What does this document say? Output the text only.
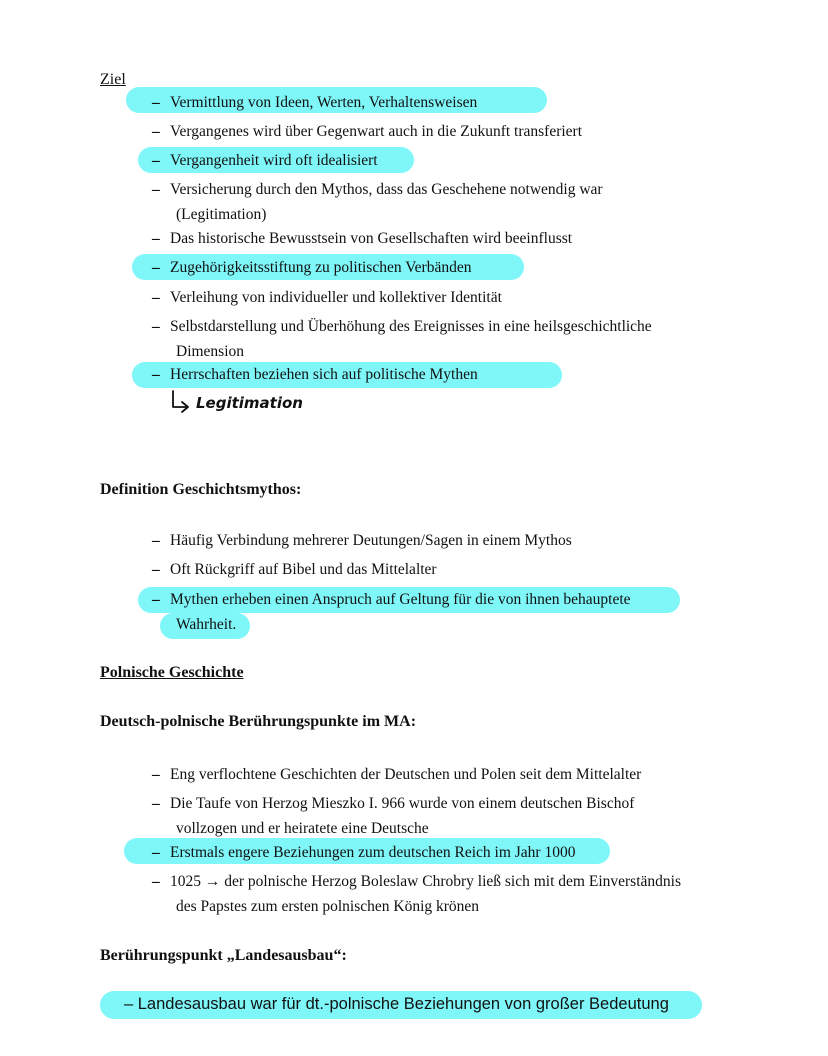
Ziel
– Vermittlung von Ideen, Werten, Verhaltensweisen
– Vergangenes wird über Gegenwart auch in die Zukunft transferiert
– Vergangenheit wird oft idealisiert
– Versicherung durch den Mythos, dass das Geschehene notwendig war
(Legitimation)
– Das historische Bewusstsein von Gesellschaften wird beeinflusst
– Zugehörigkeitsstiftung zu politischen Verbänden
– Verleihung von individueller und kollektiver Identität
– Selbstdarstellung und Überhöhung des Ereignisses in eine heilsgeschichtliche
Dimension
– Herrschaften beziehen sich auf politische Mythen
Legitimation
Definition Geschichtsmythos:
– Häufig Verbindung mehrerer Deutungen/Sagen in einem Mythos
– Oft Rückgriff auf Bibel und das Mittelalter
– Mythen erheben einen Anspruch auf Geltung für die von ihnen behauptete
Wahrheit.
Polnische Geschichte
Deutsch-polnische Berührungspunkte im MA:
– Eng verflochtene Geschichten der Deutschen und Polen seit dem Mittelalter
– Die Taufe von Herzog Mieszko I. 966 wurde von einem deutschen Bischof
vollzogen und er heiratete eine Deutsche
– Erstmals engere Beziehungen zum deutschen Reich im Jahr 1000
– 1025 → der polnische Herzog Boleslaw Chrobry ließ sich mit dem Einverständnis
des Papstes zum ersten polnischen König krönen
Berührungspunkt „Landesausbau“:
– Landesausbau war für dt.-polnische Beziehungen von großer Bedeutung
